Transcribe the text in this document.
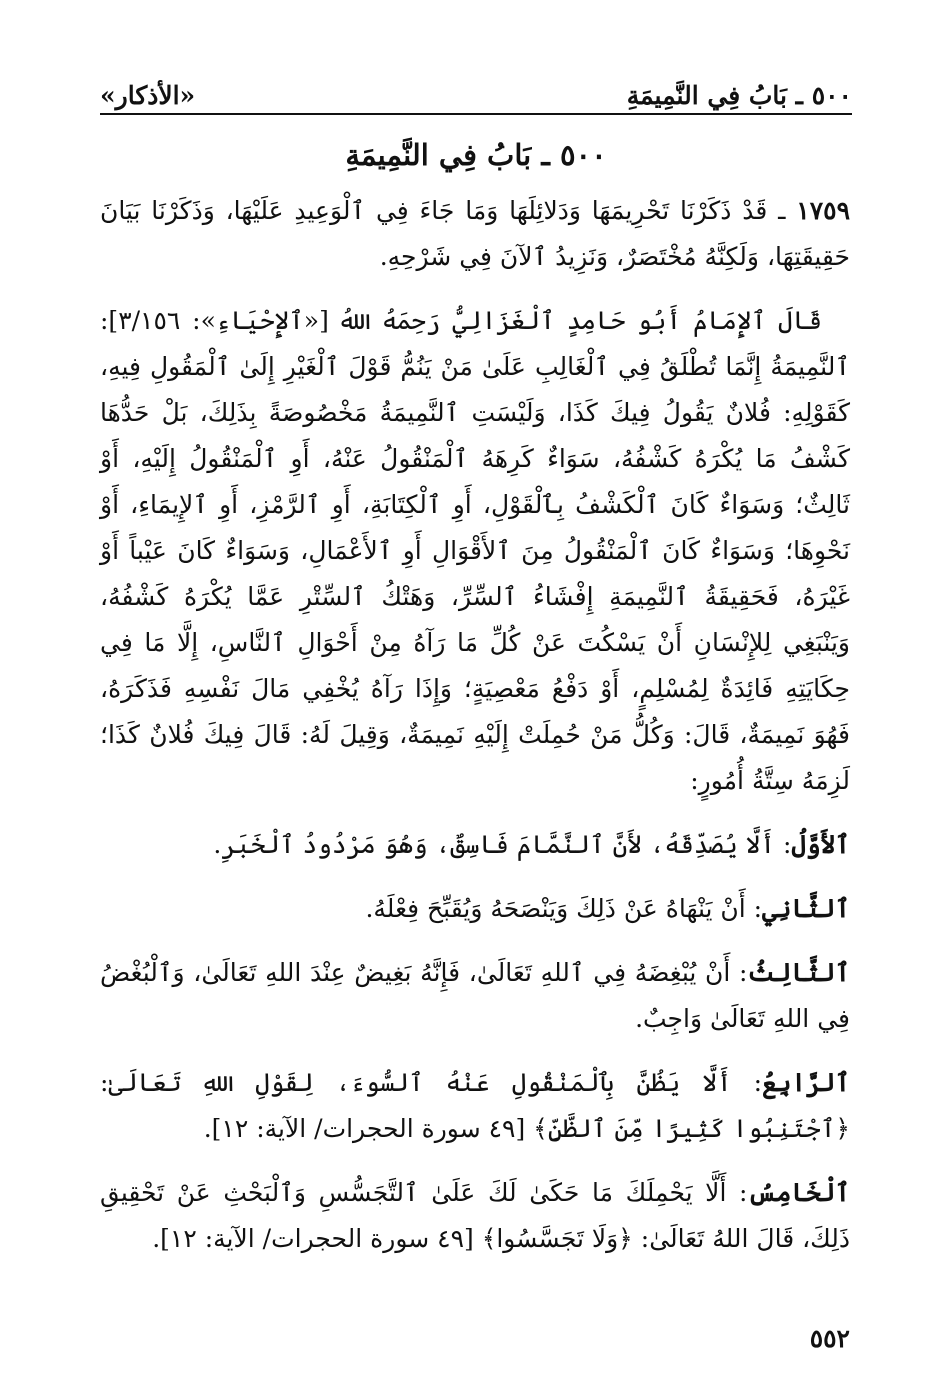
٥٠٠ ـ بَابُ فِي النَّمِيمَةِ
«الأذكار»
٥٠٠ ـ بَابُ فِي النَّمِيمَةِ

١٧٥٩ ـ قَدْ ذَكَرْنَا تَحْرِيمَهَا وَدَلائِلَهَا وَمَا جَاءَ فِي ٱلْوَعِيدِ عَلَيْهَا، وَذَكَرْنَا بَيَانَ حَقِيقَتِهَا، وَلَكِنَّهُ مُخْتَصَرٌ، وَنَزِيدُ ٱلآنَ فِي شَرْحِهِ.

قَالَ ٱلإِمَامُ أَبُو حَامِدٍ ٱلْغَزَالِيُّ رَحِمَهُ اللهُ [«ٱلإِحْيَاءِ»: ٣/١٥٦]: ٱلنَّمِيمَةُ إِنَّمَا تُطْلَقُ فِي ٱلْغَالِبِ عَلَىٰ مَنْ يَنُمُّ قَوْلَ ٱلْغَيْرِ إِلَىٰ ٱلْمَقُولِ فِيهِ، كَقَوْلِهِ: فُلانٌ يَقُولُ فِيكَ كَذَا، وَلَيْسَتِ ٱلنَّمِيمَةُ مَخْصُوصَةً بِذَلِكَ، بَلْ حَدُّهَا كَشْفُ مَا يُكْرَهُ كَشْفُهُ، سَوَاءٌ كَرِهَهُ ٱلْمَنْقُولُ عَنْهُ، أَوِ ٱلْمَنْقُولُ إِلَيْهِ، أَوْ ثَالِثٌ؛ وَسَوَاءٌ كَانَ ٱلْكَشْفُ بِٱلْقَوْلِ، أَوِ ٱلْكِتَابَةِ، أَوِ ٱلرَّمْزِ، أَوِ ٱلإِيمَاءِ، أَوْ نَحْوِهَا؛ وَسَوَاءٌ كَانَ ٱلْمَنْقُولُ مِنَ ٱلأَقْوَالِ أَوِ ٱلأَعْمَالِ، وَسَوَاءٌ كَانَ عَيْباً أَوْ غَيْرَهُ، فَحَقِيقَةُ ٱلنَّمِيمَةِ إِفْشَاءُ ٱلسِّرِّ، وَهَتْكُ ٱلسِّتْرِ عَمَّا يُكْرَهُ كَشْفُهُ، وَيَنْبَغِي لِلإِنْسَانِ أَنْ يَسْكُتَ عَنْ كُلِّ مَا رَآهُ مِنْ أَحْوَالِ ٱلنَّاسِ، إِلَّا مَا فِي حِكَايَتِهِ فَائِدَةٌ لِمُسْلِمٍ، أَوْ دَفْعُ مَعْصِيَةٍ؛ وَإِذَا رَآهُ يُخْفِي مَالَ نَفْسِهِ فَذَكَرَهُ، فَهُوَ نَمِيمَةٌ، قَالَ: وَكُلُّ مَنْ حُمِلَتْ إِلَيْهِ نَمِيمَةٌ، وَقِيلَ لَهُ: قَالَ فِيكَ فُلانٌ كَذَا؛ لَزِمَهُ سِتَّةُ أُمُورٍ:

ٱلأَوَّلُ: أَلَّا يُصَدِّقَهُ، لأَنَّ ٱلنَّمَّامَ فَاسِقٌ، وَهُوَ مَرْدُودُ ٱلْخَبَرِ.

ٱلثَّانِي: أَنْ يَنْهَاهُ عَنْ ذَلِكَ وَيَنْصَحَهُ وَيُقَبِّحَ فِعْلَهُ.

ٱلثَّالِثُ: أَنْ يُبْغِضَهُ فِي ٱللهِ تَعَالَىٰ، فَإِنَّهُ بَغِيضٌ عِنْدَ اللهِ تَعَالَىٰ، وَٱلْبُغْضُ فِي اللهِ تَعَالَىٰ وَاجِبٌ.

ٱلرَّابِعُ: أَلَّا يَظُنَّ بِٱلْمَنْقُولِ عَنْهُ ٱلسُّوءَ، لِقَوْلِ اللهِ تَعَالَىٰ: ﴿ٱجْتَنِبُوا كَثِيرًا مِّنَ ٱلظَّنِّ﴾ [٤٩ سورة الحجرات/ الآية: ١٢].

ٱلْخَامِسُ: أَلَّا يَحْمِلَكَ مَا حَكَىٰ لَكَ عَلَىٰ ٱلتَّجَسُّسِ وَٱلْبَحْثِ عَنْ تَحْقِيقِ ذَلِكَ، قَالَ اللهُ تَعَالَىٰ: ﴿وَلَا تَجَسَّسُوا﴾ [٤٩ سورة الحجرات/ الآية: ١٢].

٥٥٢
